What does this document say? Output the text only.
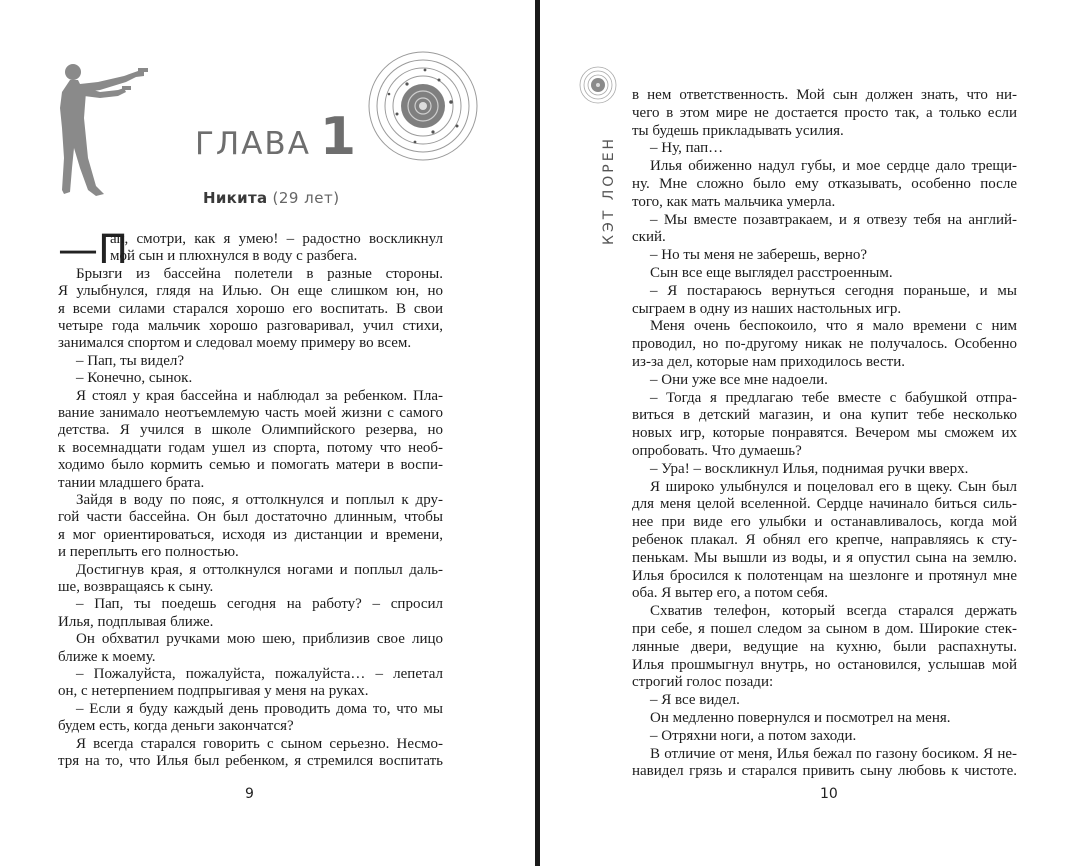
ГЛАВА 1
Никита (29 лет)
—П
ап, смотри, как я умею! – радостно воскликнул
мой сын и плюхнулся в воду с разбега.
Брызги из бассейна полетели в разные стороны.
Я улыбнулся, глядя на Илью. Он еще слишком юн, но
я всеми силами старался хорошо его воспитать. В свои
четыре года мальчик хорошо разговаривал, учил стихи,
занимался спортом и следовал моему примеру во всем.
– Пап, ты видел?
– Конечно, сынок.
Я стоял у края бассейна и наблюдал за ребенком. Пла-
вание занимало неотъемлемую часть моей жизни с самого
детства. Я учился в школе Олимпийского резерва, но
к восемнадцати годам ушел из спорта, потому что необ-
ходимо было кормить семью и помогать матери в воспи-
тании младшего брата.
Зайдя в воду по пояс, я оттолкнулся и поплыл к дру-
гой части бассейна. Он был достаточно длинным, чтобы
я мог ориентироваться, исходя из дистанции и времени,
и переплыть его полностью.
Достигнув края, я оттолкнулся ногами и поплыл даль-
ше, возвращаясь к сыну.
– Пап, ты поедешь сегодня на работу? – спросил
Илья, подплывая ближе.
Он обхватил ручками мою шею, приблизив свое лицо
ближе к моему.
– Пожалуйста, пожалуйста, пожалуйста… – лепетал
он, с нетерпением подпрыгивая у меня на руках.
– Если я буду каждый день проводить дома то, что мы
будем есть, когда деньги закончатся?
Я всегда старался говорить с сыном серьезно. Несмо-
тря на то, что Илья был ребенком, я стремился воспитать
9
КЭТ ЛОРЕН
в нем ответственность. Мой сын должен знать, что ни-
чего в этом мире не достается просто так, а только если
ты будешь прикладывать усилия.
– Ну, пап…
Илья обиженно надул губы, и мое сердце дало трещи-
ну. Мне сложно было ему отказывать, особенно после
того, как мать мальчика умерла.
– Мы вместе позавтракаем, и я отвезу тебя на англий-
ский.
– Но ты меня не заберешь, верно?
Сын все еще выглядел расстроенным.
– Я постараюсь вернуться сегодня пораньше, и мы
сыграем в одну из наших настольных игр.
Меня очень беспокоило, что я мало времени с ним
проводил, но по-другому никак не получалось. Особенно
из-за дел, которые нам приходилось вести.
– Они уже все мне надоели.
– Тогда я предлагаю тебе вместе с бабушкой отпра-
виться в детский магазин, и она купит тебе несколько
новых игр, которые понравятся. Вечером мы сможем их
опробовать. Что думаешь?
– Ура! – воскликнул Илья, поднимая ручки вверх.
Я широко улыбнулся и поцеловал его в щеку. Сын был
для меня целой вселенной. Сердце начинало биться силь-
нее при виде его улыбки и останавливалось, когда мой
ребенок плакал. Я обнял его крепче, направляясь к сту-
пенькам. Мы вышли из воды, и я опустил сына на землю.
Илья бросился к полотенцам на шезлонге и протянул мне
оба. Я вытер его, а потом себя.
Схватив телефон, который всегда старался держать
при себе, я пошел следом за сыном в дом. Широкие стек-
лянные двери, ведущие на кухню, были распахнуты.
Илья прошмыгнул внутрь, но остановился, услышав мой
строгий голос позади:
– Я все видел.
Он медленно повернулся и посмотрел на меня.
– Отряхни ноги, а потом заходи.
В отличие от меня, Илья бежал по газону босиком. Я не-
навидел грязь и старался привить сыну любовь к чистоте.
10
